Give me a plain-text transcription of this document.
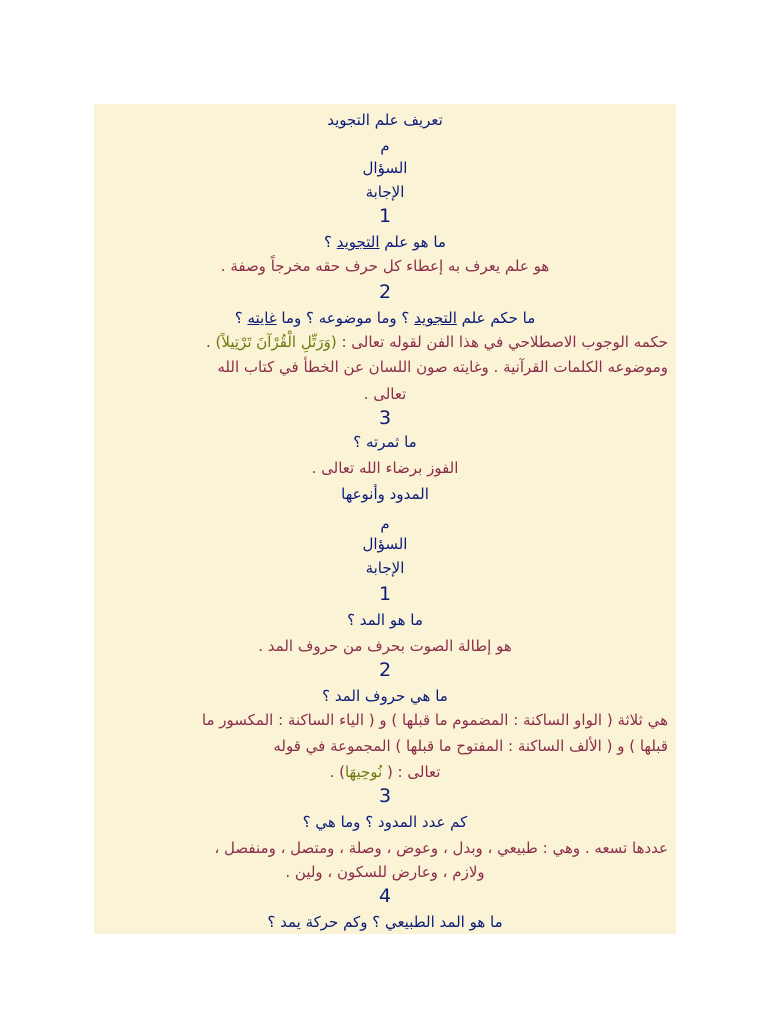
تعريف علم التجويد
م
السؤال
الإجابة
1
ما هو علم التجويد ؟
. هو علم يعرف به إعطاء كل حرف حقه مخرجاً وصفة
2
ما حكم علم التجويد ؟ وما موضوعه ؟ وما غايته ؟
حكمه الوجوب الاصطلاحي في هذا الفن لقوله تعالى : (وَرَتِّلِ الْقُرْآنَ تَرْتِيلاً) .
وموضوعه الكلمات القرآنية . وغايته صون اللسان عن الخطأ في كتاب الله
. تعالى
3
ما ثمرته ؟
. الفوز برضاء الله تعالى
المدود وأنوعها
م
السؤال
الإجابة
1
ما هو المد ؟
. هو إطالة الصوت بحرف من حروف المد
2
ما هي حروف المد ؟
هي ثلاثة ( الواو الساكنة : المضموم ما قبلها ) و ( الياء الساكنة : المكسور ما
قبلها ) و ( الألف الساكنة : المفتوح ما قبلها ) المجموعة في قوله
. تعالى : ( نُوحِيهَا)
3
كم عدد المدود ؟ وما هي ؟
عددها تسعه . وهي : طبيعي ، وبدل ، وعوض ، وصلة ، ومتصل ، ومنفصل ،
. ولازم ، وعارض للسكون ، ولين
4
ما هو المد الطبيعي ؟ وكم حركة يمد ؟
